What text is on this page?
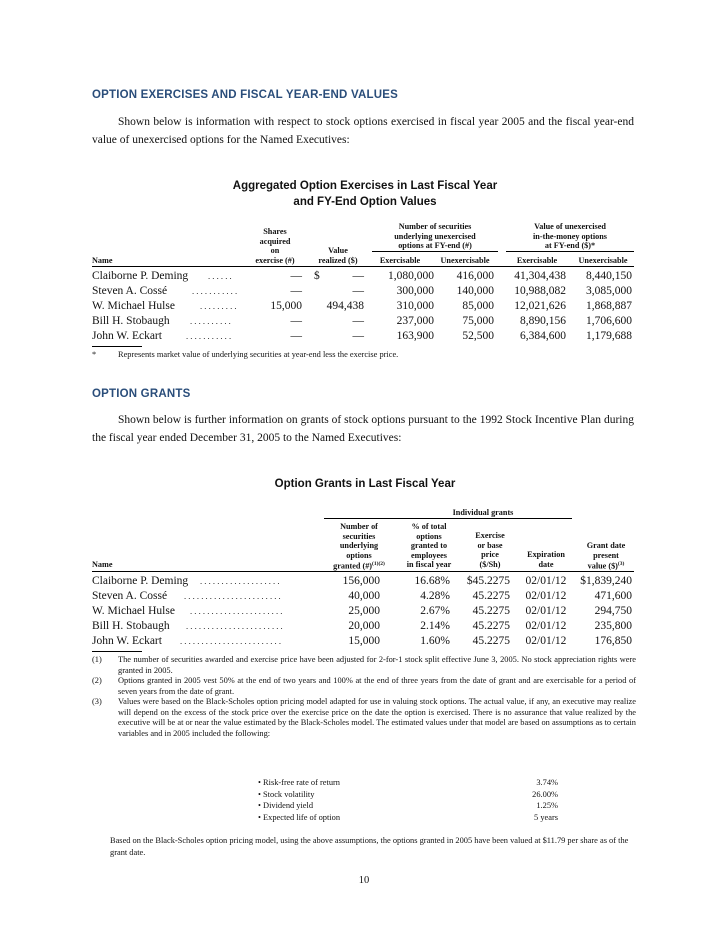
OPTION EXERCISES AND FISCAL YEAR-END VALUES
Shown below is information with respect to stock options exercised in fiscal year 2005 and the fiscal year-end value of unexercised options for the Named Executives:
Aggregated Option Exercises in Last Fiscal Year
and FY-End Option Values
Shares
acquired
on
exercise (#)
Value
realized ($)
Number of securities
underlying unexercised
options at FY-end (#)
Value of unexercised
in-the-money options
at FY-end ($)*
Name	Exercisable	Unexercisable	Exercisable	Unexercisable
Claiborne P. Deming . . . . . .	— $	—	1,080,000	416,000	41,304,438	8,440,150
Steven A. Cossé	. . . . . . . . . . .	—	—	300,000	140,000	10,988,082	3,085,000
W. Michael Hulse	. . . . . . . . .	15,000	494,438	310,000	85,000	12,021,626	1,868,887
Bill H. Stobaugh . . . . . . . . . .	—	—	237,000	75,000	8,890,156	1,706,600
John W. Eckart	. . . . . . . . . . .	—	—	163,900	52,500	6,384,600	1,179,688
*	Represents market value of underlying securities at year-end less the exercise price.
OPTION GRANTS
Shown below is further information on grants of stock options pursuant to the 1992 Stock Incentive Plan during the fiscal year ended December 31, 2005 to the Named Executives:
Option Grants in Last Fiscal Year
Individual grants
Number of
securities
underlying
options
granted (#)$^{(1)(2)}$
% of total
options
granted to
employees
in fiscal year
Exercise
or base
price
($/Sh)
Expiration
date
Grant date
present
value ($)$^{(3)}$
Name
Claiborne P. Deming . . . . . . . . . . . . . . . . . . .	156,000	16.68%	$45.2275	02/01/12	$1,839,240
Steven A. Cossé . . . . . . . . . . . . . . . . . . . . . . .	40,000	4.28%	45.2275	02/01/12	471,600
W. Michael Hulse . . . . . . . . . . . . . . . . . . . . . .	25,000	2.67%	45.2275	02/01/12	294,750
Bill H. Stobaugh . . . . . . . . . . . . . . . . . . . . . . .	20,000	2.14%	45.2275	02/01/12	235,800
John W. Eckart . . . . . . . . . . . . . . . . . . . . . . . .	15,000	1.60%	45.2275	02/01/12	176,850
(1) The number of securities awarded and exercise price have been adjusted for 2-for-1 stock split effective June 3, 2005. No stock appreciation rights were granted in 2005.
(2) Options granted in 2005 vest 50% at the end of two years and 100% at the end of three years from the date of grant and are exercisable for a period of seven years from the date of grant.
(3) Values were based on the Black-Scholes option pricing model adapted for use in valuing stock options. The actual value, if any, an executive may realize will depend on the excess of the stock price over the exercise price on the date the option is exercised. There is no assurance that value realized by the executive will be at or near the value estimated by the Black-Scholes model. The estimated values under that model are based on assumptions as to certain variables and in 2005 included the following:
• Risk-free rate of return	3.74%
• Stock volatility	26.00%
• Dividend yield	1.25%
• Expected life of option	5 years
Based on the Black-Scholes option pricing model, using the above assumptions, the options granted in 2005 have been valued at $11.79 per share as of the grant date.
10
